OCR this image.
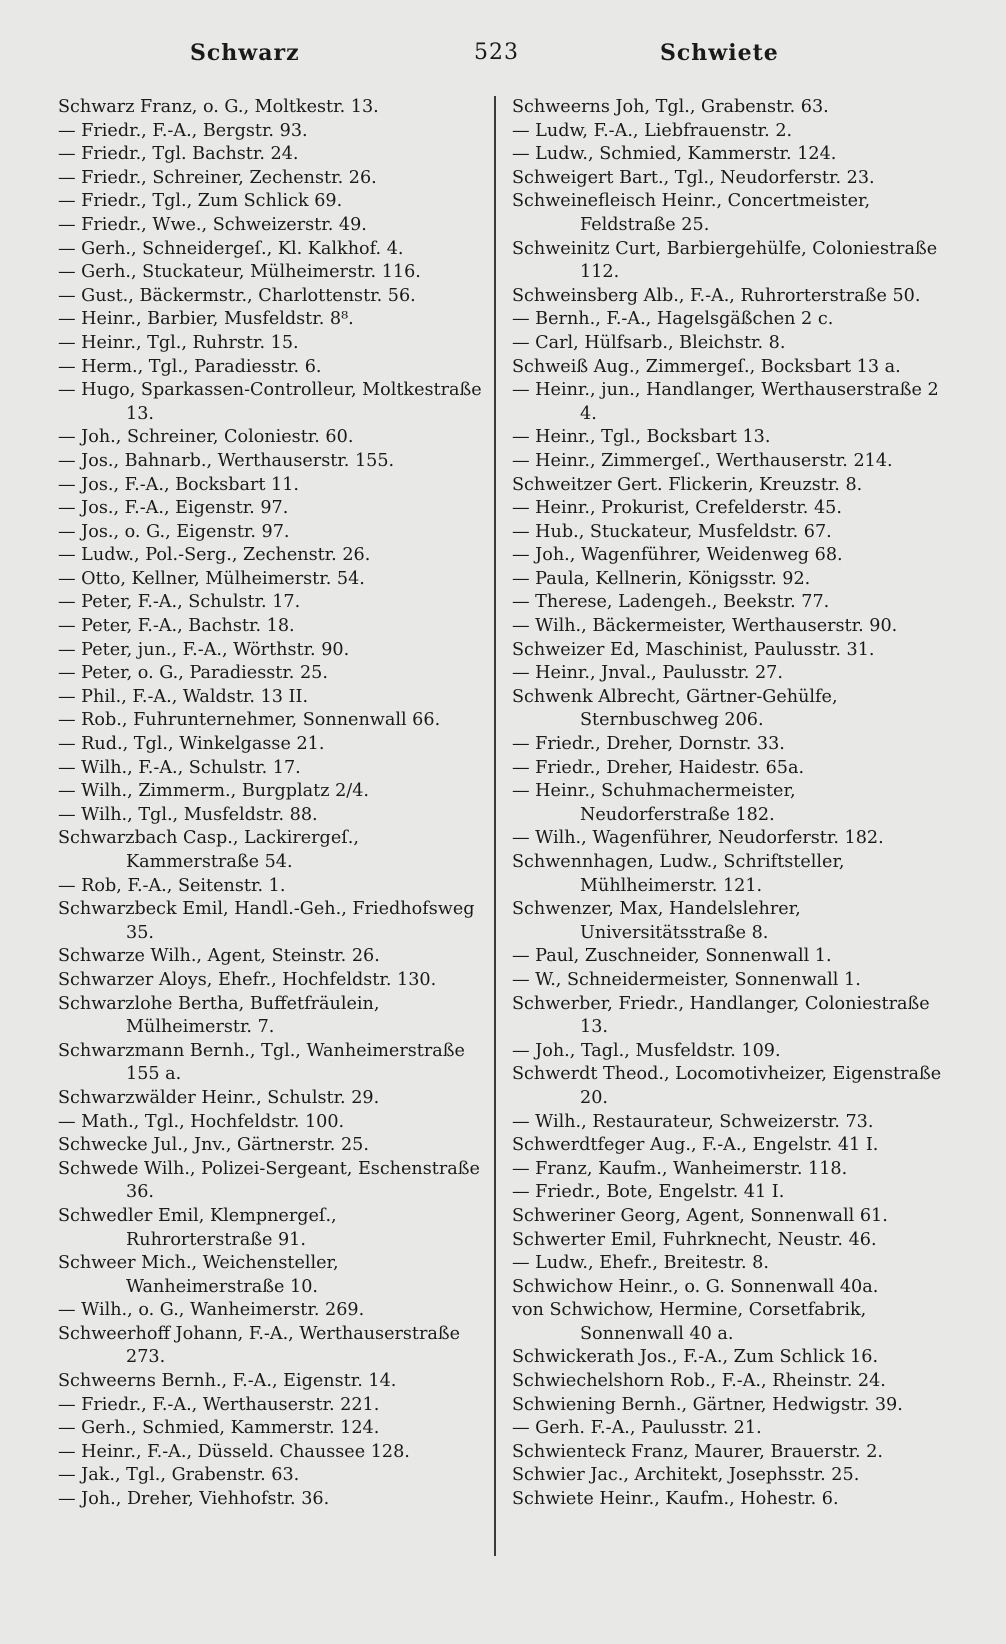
Schwarz	523	Schwiete
Schwarz Franz, o. G., Moltkestr. 13.
— Friedr., F.-A., Bergstr. 93.
— Friedr., Tgl. Bachstr. 24.
— Friedr., Schreiner, Zechenstr. 26.
— Friedr., Tgl., Zum Schlick 69.
— Friedr., Wwe., Schweizerstr. 49.
— Gerh., Schneidergeſ., Kl. Kalkhof. 4.
— Gerh., Stuckateur, Mülheimerstr. 116.
— Gust., Bäckermstr., Charlottenstr. 56.
— Heinr., Barbier, Musfeldstr. 8⁸.
— Heinr., Tgl., Ruhrstr. 15.
— Herm., Tgl., Paradiesstr. 6.
— Hugo, Sparkassen-Controlleur, Moltkestraße 13.
— Joh., Schreiner, Coloniestr. 60.
— Jos., Bahnarb., Werthauserstr. 155.
— Jos., F.-A., Bocksbart 11.
— Jos., F.-A., Eigenstr. 97.
— Jos., o. G., Eigenstr. 97.
— Ludw., Pol.-Serg., Zechenstr. 26.
— Otto, Kellner, Mülheimerstr. 54.
— Peter, F.-A., Schulstr. 17.
— Peter, F.-A., Bachstr. 18.
— Peter, jun., F.-A., Wörthstr. 90.
— Peter, o. G., Paradiesstr. 25.
— Phil., F.-A., Waldstr. 13 II.
— Rob., Fuhrunternehmer, Sonnenwall 66.
— Rud., Tgl., Winkelgasse 21.
— Wilh., F.-A., Schulstr. 17.
— Wilh., Zimmerm., Burgplatz 2/4.
— Wilh., Tgl., Musfeldstr. 88.
Schwarzbach Casp., Lackirergeſ., Kammerstraße 54.
— Rob, F.-A., Seitenstr. 1.
Schwarzbeck Emil, Handl.-Geh., Friedhofsweg 35.
Schwarze Wilh., Agent, Steinstr. 26.
Schwarzer Aloys, Ehefr., Hochfeldstr. 130.
Schwarzlohe Bertha, Buffetfräulein, Mülheimerstr. 7.
Schwarzmann Bernh., Tgl., Wanheimerstraße 155 a.
Schwarzwälder Heinr., Schulstr. 29.
— Math., Tgl., Hochfeldstr. 100.
Schwecke Jul., Jnv., Gärtnerstr. 25.
Schwede Wilh., Polizei-Sergeant, Eschenstraße 36.
Schwedler Emil, Klempnergeſ., Ruhrorterstraße 91.
Schweer Mich., Weichensteller, Wanheimerstraße 10.
— Wilh., o. G., Wanheimerstr. 269.
Schweerhoff Johann, F.-A., Werthauserstraße 273.
Schweerns Bernh., F.-A., Eigenstr. 14.
— Friedr., F.-A., Werthauserstr. 221.
— Gerh., Schmied, Kammerstr. 124.
— Heinr., F.-A., Düsseld. Chaussee 128.
— Jak., Tgl., Grabenstr. 63.
— Joh., Dreher, Viehhofstr. 36.
Schweerns Joh, Tgl., Grabenstr. 63.
— Ludw, F.-A., Liebfrauenstr. 2.
— Ludw., Schmied, Kammerstr. 124.
Schweigert Bart., Tgl., Neudorferstr. 23.
Schweinefleisch Heinr., Concertmeister, Feldstraße 25.
Schweinitz Curt, Barbiergehülfe, Coloniestraße 112.
Schweinsberg Alb., F.-A., Ruhrorterstraße 50.
— Bernh., F.-A., Hagelsgäßchen 2 c.
— Carl, Hülfsarb., Bleichstr. 8.
Schweiß Aug., Zimmergeſ., Bocksbart 13 a.
— Heinr., jun., Handlanger, Werthauserstraße 2 4.
— Heinr., Tgl., Bocksbart 13.
— Heinr., Zimmergeſ., Werthauserstr. 214.
Schweitzer Gert. Flickerin, Kreuzstr. 8.
— Heinr., Prokurist, Crefelderstr. 45.
— Hub., Stuckateur, Musfeldstr. 67.
— Joh., Wagenführer, Weidenweg 68.
— Paula, Kellnerin, Königsstr. 92.
— Therese, Ladengeh., Beekstr. 77.
— Wilh., Bäckermeister, Werthauserstr. 90.
Schweizer Ed, Maschinist, Paulusstr. 31.
— Heinr., Jnval., Paulusstr. 27.
Schwenk Albrecht, Gärtner-Gehülfe, Sternbuschweg 206.
— Friedr., Dreher, Dornstr. 33.
— Friedr., Dreher, Haidestr. 65a.
— Heinr., Schuhmachermeister, Neudorferstraße 182.
— Wilh., Wagenführer, Neudorferstr. 182.
Schwennhagen, Ludw., Schriftsteller, Mühlheimerstr. 121.
Schwenzer, Max, Handelslehrer, Universitätsstraße 8.
— Paul, Zuschneider, Sonnenwall 1.
— W., Schneidermeister, Sonnenwall 1.
Schwerber, Friedr., Handlanger, Coloniestraße 13.
— Joh., Tagl., Musfeldstr. 109.
Schwerdt Theod., Locomotivheizer, Eigenstraße 20.
— Wilh., Restaurateur, Schweizerstr. 73.
Schwerdtfeger Aug., F.-A., Engelstr. 41 I.
— Franz, Kaufm., Wanheimerstr. 118.
— Friedr., Bote, Engelstr. 41 I.
Schweriner Georg, Agent, Sonnenwall 61.
Schwerter Emil, Fuhrknecht, Neustr. 46.
— Ludw., Ehefr., Breitestr. 8.
Schwichow Heinr., o. G. Sonnenwall 40a.
von Schwichow, Hermine, Corsetfabrik, Sonnenwall 40 a.
Schwickerath Jos., F.-A., Zum Schlick 16.
Schwiechelshorn Rob., F.-A., Rheinstr. 24.
Schwiening Bernh., Gärtner, Hedwigstr. 39.
— Gerh. F.-A., Paulusstr. 21.
Schwienteck Franz, Maurer, Brauerstr. 2.
Schwier Jac., Architekt, Josephsstr. 25.
Schwiete Heinr., Kaufm., Hohestr. 6.
